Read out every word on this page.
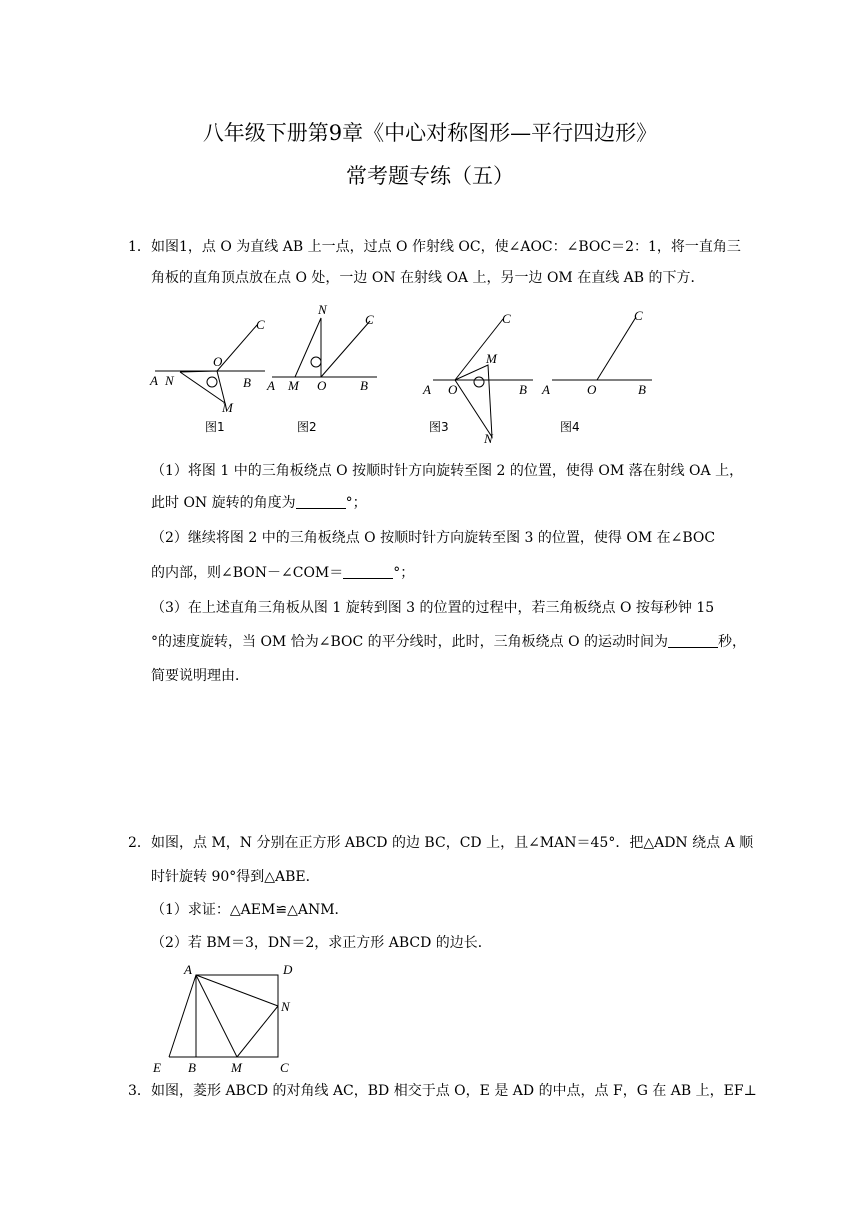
八年级下册第9章《中心对称图形—平行四边形》
常考题专练（五）
1． 如图1，点 O 为直线 AB 上一点，过点 O 作射线 OC，使∠AOC：∠BOC＝2：1，将一直角三
角板的直角顶点放在点 O 处，一边 ON 在射线 OA 上，另一边 OM 在直线 AB 的下方．
C
O
A N	B
M
图1
N
C
A M O	B
图2
C
M
A O	B
N
图3
C
A	O	B
图4
（1）将图 1 中的三角板绕点 O 按顺时针方向旋转至图 2 的位置，使得 OM 落在射线 OA 上，
此时 ON 旋转的角度为	°；
（2）继续将图 2 中的三角板绕点 O 按顺时针方向旋转至图 3 的位置，使得 OM 在∠BOC
的内部，则∠BON－∠COM＝	°；
（3）在上述直角三角板从图 1 旋转到图 3 的位置的过程中，若三角板绕点 O 按每秒钟 15
°的速度旋转，当 OM 恰为∠BOC 的平分线时，此时，三角板绕点 O 的运动时间为	秒，
简要说明理由．
2． 如图，点 M，N 分别在正方形 ABCD 的边 BC，CD 上，且∠MAN＝45°．把△ADN 绕点 A 顺
时针旋转 90°得到△ABE．
（1）求证：△AEM≌△ANM．
（2）若 BM＝3，DN＝2，求正方形 ABCD 的边长．
A	D
N
E B	M	C
3． 如图，菱形 ABCD 的对角线 AC，BD 相交于点 O，E 是 AD 的中点，点 F，G 在 AB 上，EF⊥
